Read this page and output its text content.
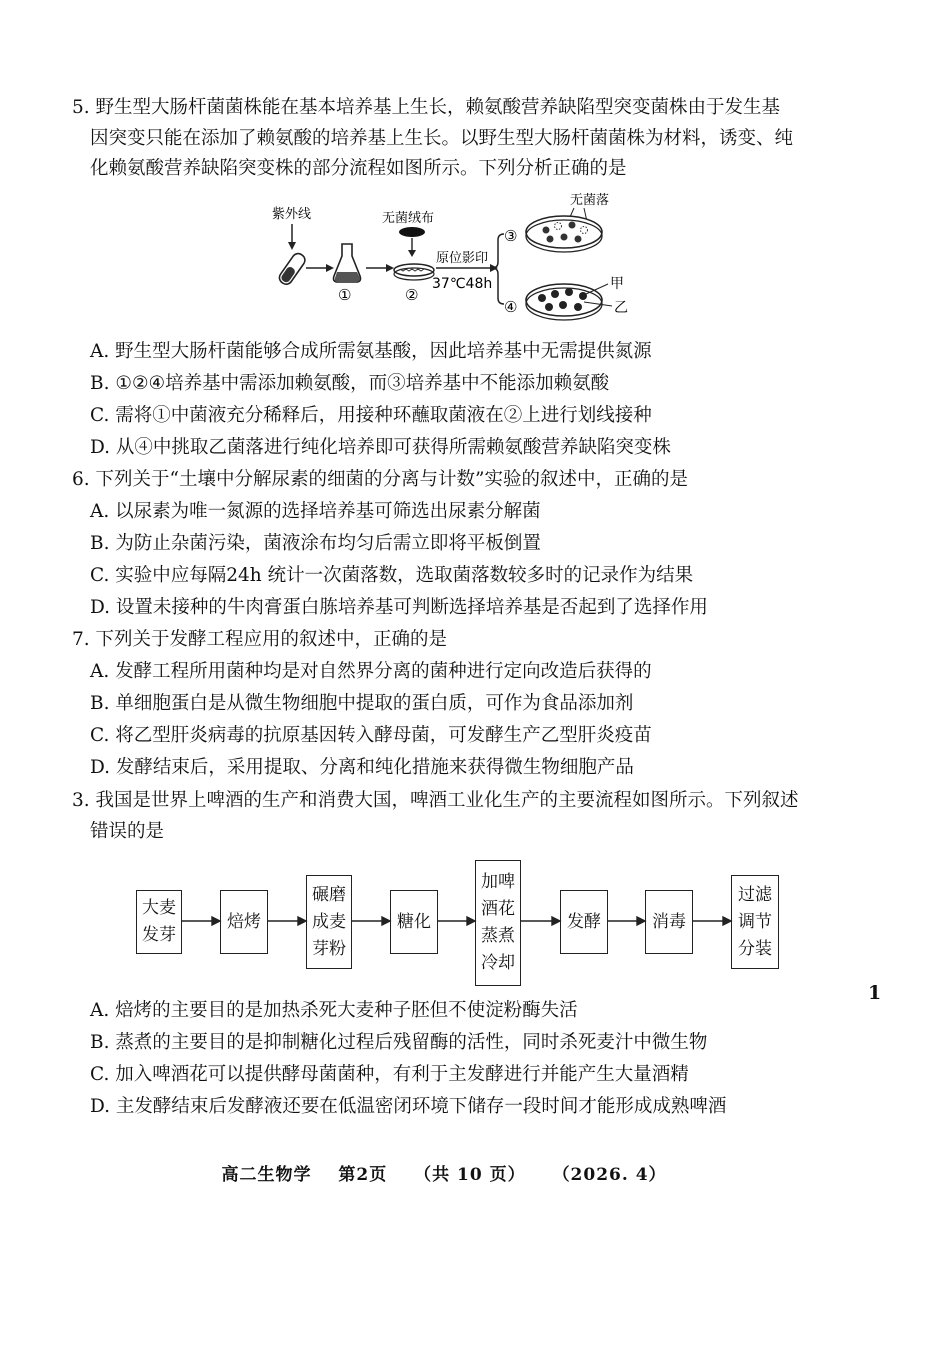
5. 野生型大肠杆菌菌株能在基本培养基上生长，赖氨酸营养缺陷型突变菌株由于发生基
因突变只能在添加了赖氨酸的培养基上生长。以野生型大肠杆菌菌株为材料，诱变、纯
化赖氨酸营养缺陷突变株的部分流程如图所示。下列分析正确的是
紫外线
①
无菌绒布
②
原位影印
37℃48h
③
④
无菌落
甲
乙
A. 野生型大肠杆菌能够合成所需氨基酸，因此培养基中无需提供氮源
B. ①②④培养基中需添加赖氨酸，而③培养基中不能添加赖氨酸
C. 需将①中菌液充分稀释后，用接种环蘸取菌液在②上进行划线接种
D. 从④中挑取乙菌落进行纯化培养即可获得所需赖氨酸营养缺陷突变株
6. 下列关于“土壤中分解尿素的细菌的分离与计数”实验的叙述中，正确的是
A. 以尿素为唯一氮源的选择培养基可筛选出尿素分解菌
B. 为防止杂菌污染，菌液涂布均匀后需立即将平板倒置
C. 实验中应每隔24h 统计一次菌落数，选取菌落数较多时的记录作为结果
D. 设置未接种的牛肉膏蛋白胨培养基可判断选择培养基是否起到了选择作用
7. 下列关于发酵工程应用的叙述中，正确的是
A. 发酵工程所用菌种均是对自然界分离的菌种进行定向改造后获得的
B. 单细胞蛋白是从微生物细胞中提取的蛋白质，可作为食品添加剂
C. 将乙型肝炎病毒的抗原基因转入酵母菌，可发酵生产乙型肝炎疫苗
D. 发酵结束后，采用提取、分离和纯化措施来获得微生物细胞产品
3. 我国是世界上啤酒的生产和消费大国，啤酒工业化生产的主要流程如图所示。下列叙述
错误的是
大麦
发芽
焙烤
碾磨
成麦
芽粉
糖化
加啤
酒花
蒸煮
冷却
发酵	消毒
过滤
调节
分装
A. 焙烤的主要目的是加热杀死大麦种子胚但不使淀粉酶失活
B. 蒸煮的主要目的是抑制糖化过程后残留酶的活性，同时杀死麦汁中微生物
C. 加入啤酒花可以提供酵母菌菌种，有利于主发酵进行并能产生大量酒精
D. 主发酵结束后发酵液还要在低温密闭环境下储存一段时间才能形成成熟啤酒
1
高二生物学 第2页 （共 10 页） （2026. 4）
